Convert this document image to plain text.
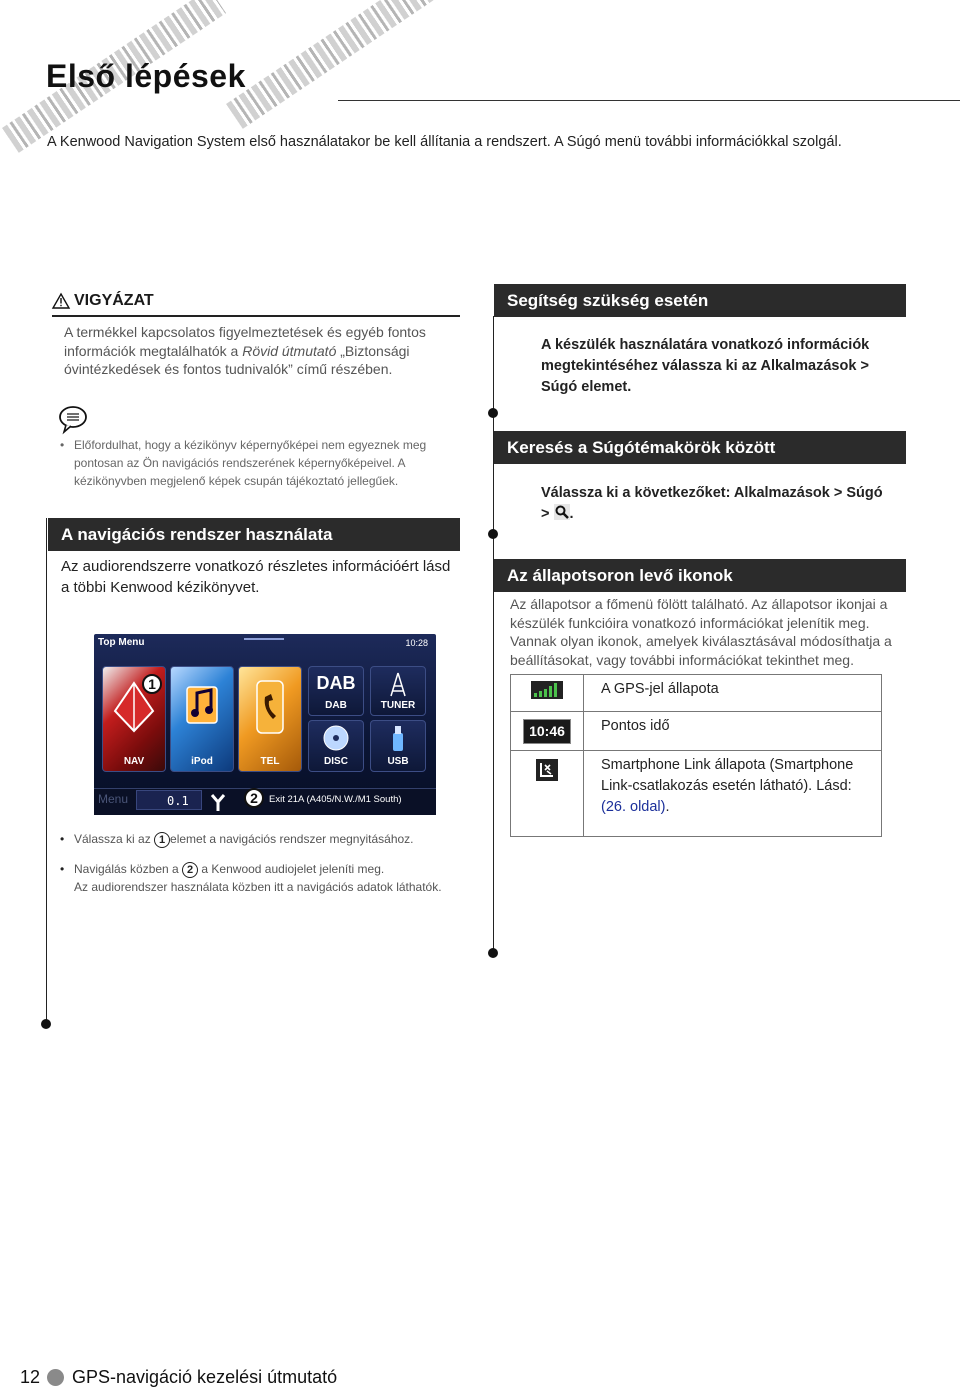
Első lépések
A Kenwood Navigation System első használatakor be kell állítania a rendszert. A Súgó menü további információkkal szolgál.
VIGYÁZAT
A termékkel kapcsolatos figyelmeztetések és egyéb fontos információk megtalálhatók a Rövid útmutató „Biztonsági óvintézkedések és fontos tudnivalók” című részében.
• Előfordulhat, hogy a kézikönyv képernyőképei nem egyeznek meg pontosan az Ön navigációs rendszerének képernyőképeivel. A kézikönyvben megjelenő képek csupán tájékoztató jellegűek.
A navigációs rendszer használata
Az audiorendszerre vonatkozó részletes információért lásd a többi Kenwood kézikönyvet.
Top Menu	10:28
NAV	iPod	TEL
DAB
DAB	TUNER
DISC	USB
Menu	0.1 mi
Exit 21A (A405/N.W./M1 South)
1
2
• Válassza ki az 1 elemet a navigációs rendszer megnyitásához.
• Navigálás közben a 2 a Kenwood audiojelet jeleníti meg.
Az audiorendszer használata közben itt a navigációs adatok láthatók.
Segítség szükség esetén
A készülék használatára vonatkozó információk megtekintéséhez válassza ki az Alkalmazások > Súgó elemet.
Keresés a Súgótémakörök között
Válassza ki a következőket: Alkalmazások > Súgó > .
Az állapotsoron levő ikonok
Az állapotsor a főmenü fölött található. Az állapotsor ikonjai a készülék funkcióira vonatkozó információkat jelenítik meg. Vannak olyan ikonok, amelyek kiválasztásával módosíthatja a beállításokat, vagy további információkat tekinthet meg.
	A GPS-jel állapota
10:46	Pontos idő
	Smartphone Link állapota (Smartphone Link-csatlakozás esetén látható). Lásd: (26. oldal).
12 GPS-navigáció kezelési útmutató
